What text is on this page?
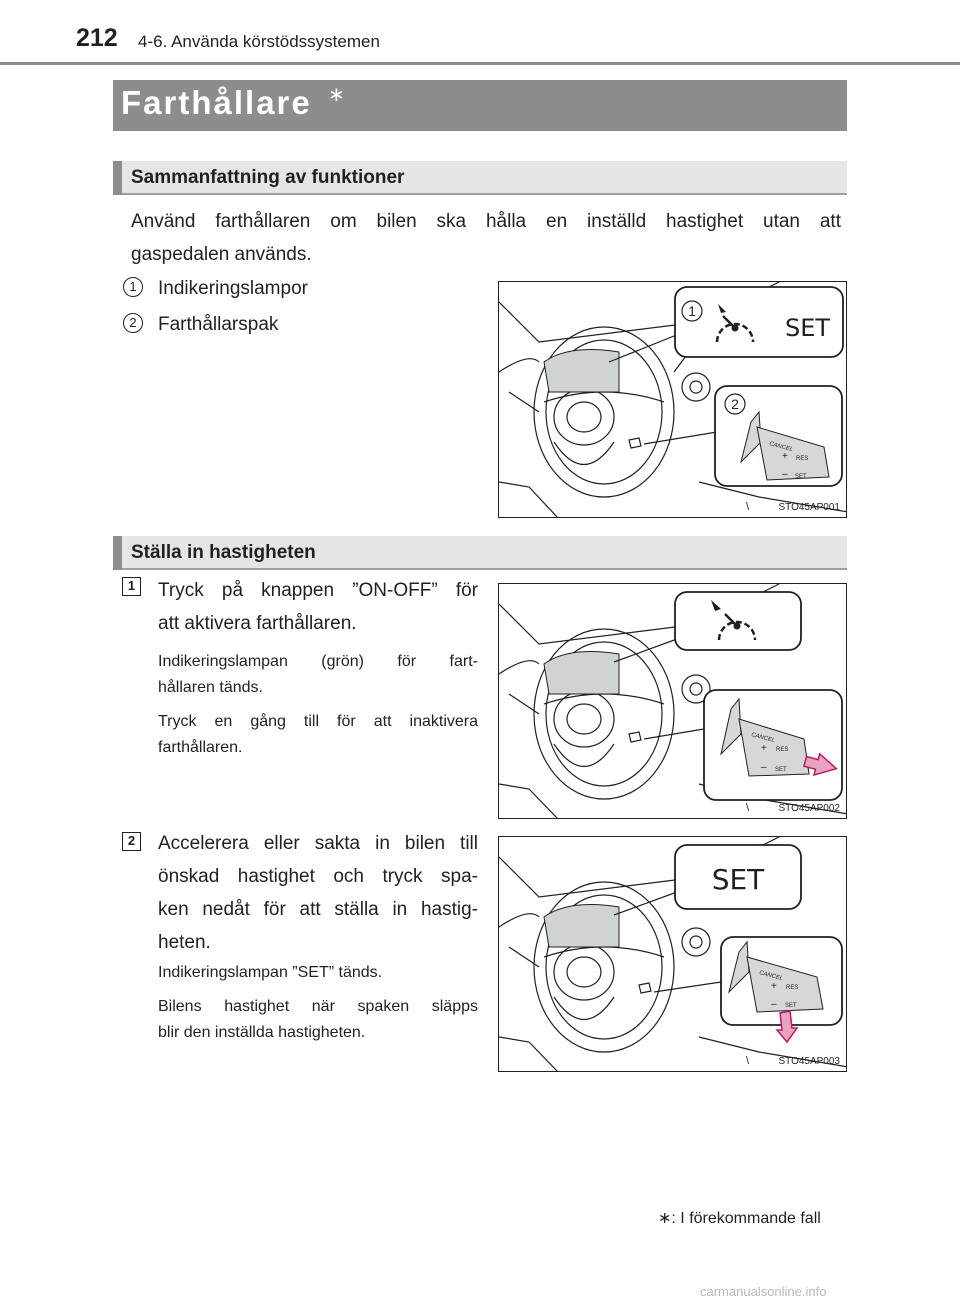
212 4-6. Använda körstödssystemen
Farthållare ∗
Sammanfattning av funktioner
Använd farthållaren om bilen ska hålla en inställd hastighet utan att
gaspedalen används.
1	Indikeringslampor
2	Farthållarspak
CANCEL
RES
SET
+
–
1
2
SET
\	STO45AP001
Ställa in hastigheten
1	Tryck på knappen ”ON-OFF” för
att aktivera farthållaren.
Indikeringslampan (grön) för fart-
hållaren tänds.
Tryck en gång till för att inaktivera
farthållaren.
CANCEL
RES
SET
+
–
\	STO45AP002
2	Accelerera eller sakta in bilen till
önskad hastighet och tryck spa-
ken nedåt för att ställa in hastig-
heten.
Indikeringslampan ”SET” tänds.
Bilens hastighet när spaken släpps
blir den inställda hastigheten.
SET
CANCEL
RES
SET
+
–
\	STO45AP003
∗: I förekommande fall
carmanualsonline.info
